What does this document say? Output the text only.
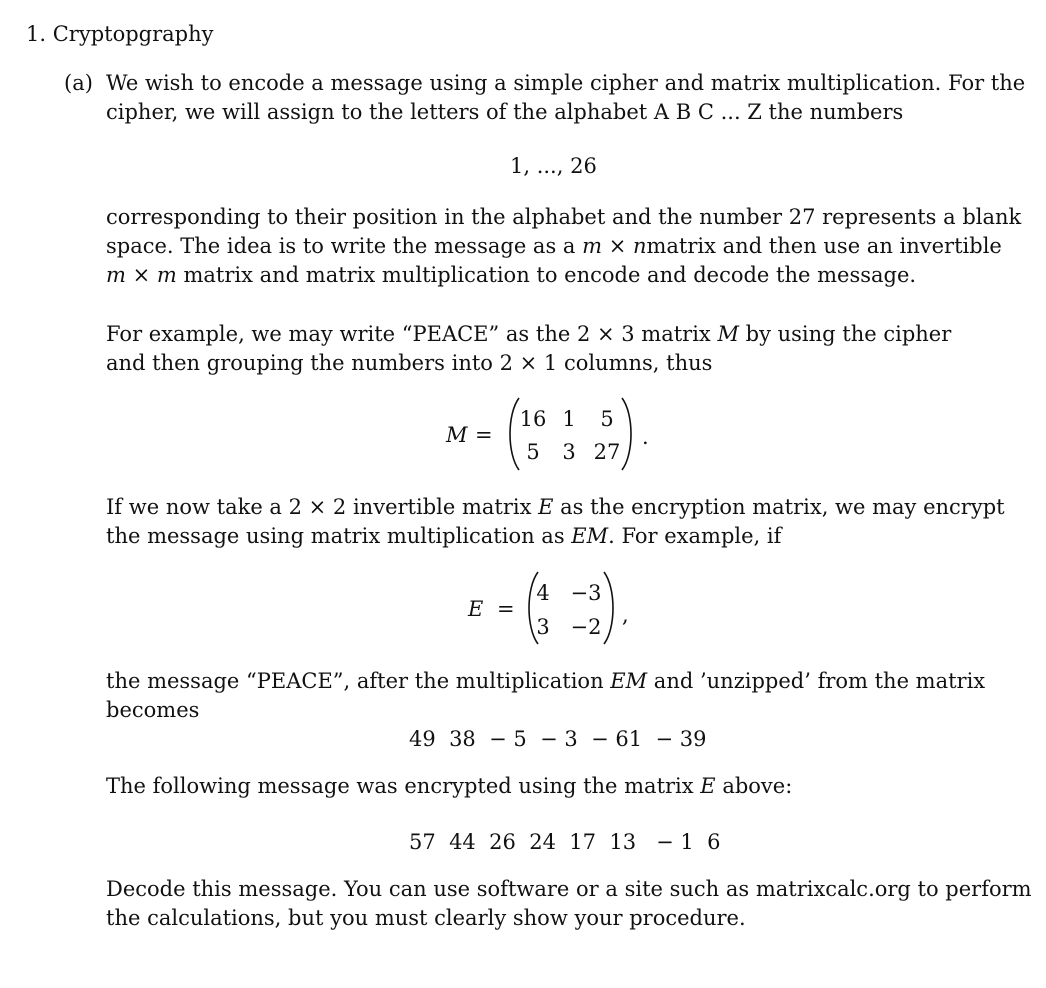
1. Cryptopgraphy
(a) We wish to encode a message using a simple cipher and matrix multiplication. For the
cipher, we will assign to the letters of the alphabet A B C ... Z the numbers
1, ..., 26
corresponding to their position in the alphabet and the number 27 represents a blank
space. The idea is to write the message as a m × nmatrix and then use an invertible
m × m matrix and matrix multiplication to encode and decode the message.
For example, we may write “PEACE” as the 2 × 3 matrix M by using the cipher
and then grouping the numbers into 2 × 1 columns, thus
M =
16 1	5
5	3 27
.
If we now take a 2 × 2 invertible matrix E as the encryption matrix, we may encrypt
the message using matrix multiplication as EM. For example, if
E =
4 −3
3 −2 ,
the message “PEACE”, after the multiplication EM and ’unzipped’ from the matrix
becomes
49  38  − 5  − 3  − 61  − 39
The following message was encrypted using the matrix E above:
57  44  26  24  17  13   − 1  6
Decode this message. You can use software or a site such as matrixcalc.org to perform
the calculations, but you must clearly show your procedure.
